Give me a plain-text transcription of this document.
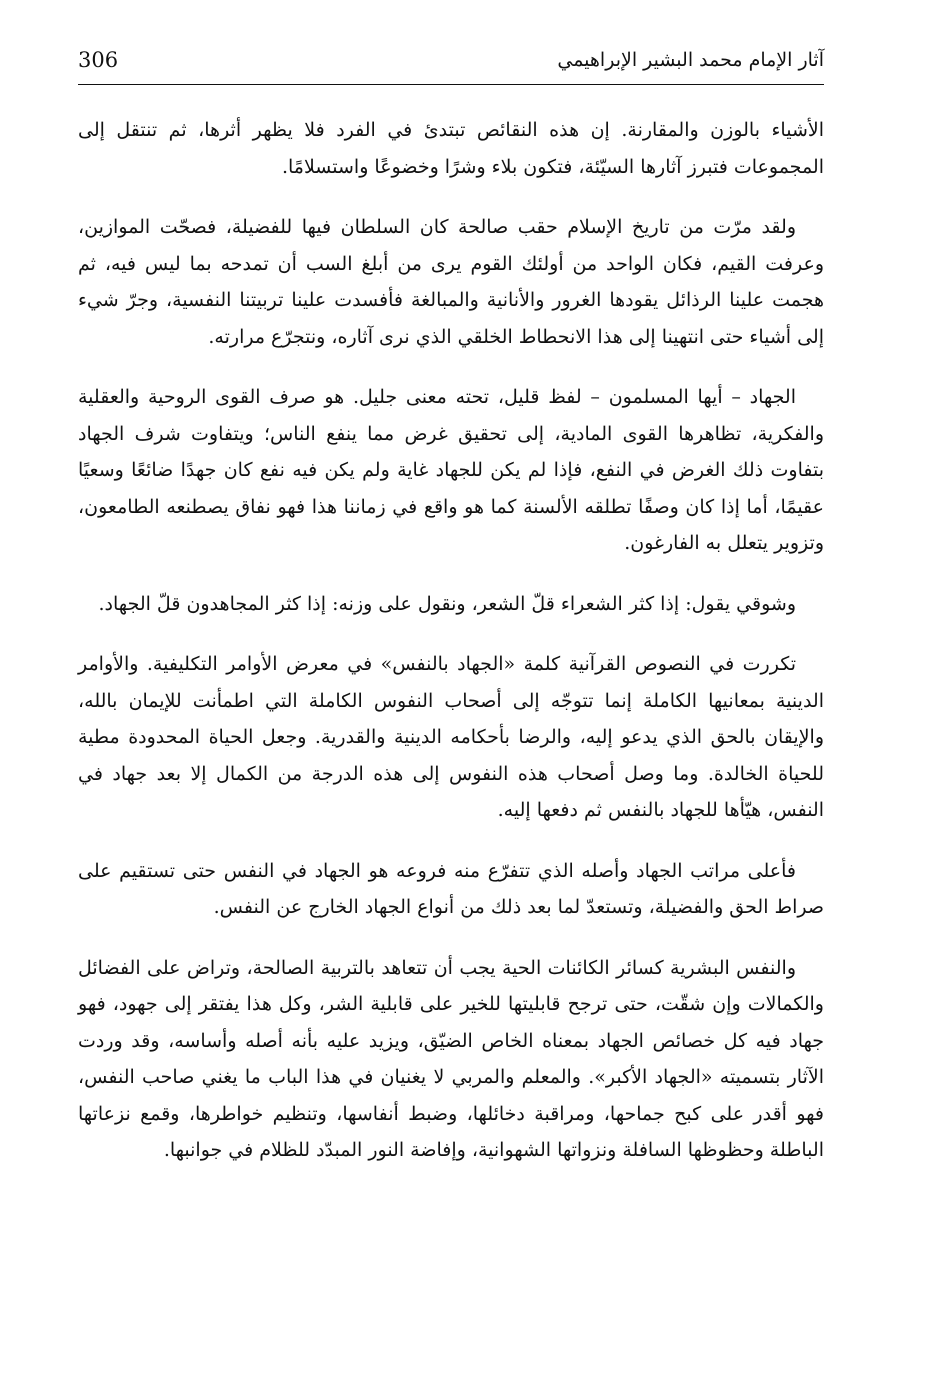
306	آثار الإمام محمد البشير الإبراهيمي

الأشياء بالوزن والمقارنة. إن هذه النقائص تبتدئ في الفرد فلا يظهر أثرها، ثم تنتقل إلى المجموعات فتبرز آثارها السيّئة، فتكون بلاء وشرًا وخضوعًا واستسلامًا.

ولقد مرّت من تاريخ الإسلام حقب صالحة كان السلطان فيها للفضيلة، فصحّت الموازين، وعرفت القيم، فكان الواحد من أولئك القوم يرى من أبلغ السب أن تمدحه بما ليس فيه، ثم هجمت علينا الرذائل يقودها الغرور والأنانية والمبالغة فأفسدت علينا تربيتنا النفسية، وجرّ شيء إلى أشياء حتى انتهينا إلى هذا الانحطاط الخلقي الذي نرى آثاره، ونتجرّع مرارته.

الجهاد – أيها المسلمون – لفظ قليل، تحته معنى جليل. هو صرف القوى الروحية والعقلية والفكرية، تظاهرها القوى المادية، إلى تحقيق غرض مما ينفع الناس؛ ويتفاوت شرف الجهاد بتفاوت ذلك الغرض في النفع، فإذا لم يكن للجهاد غاية ولم يكن فيه نفع كان جهدًا ضائعًا وسعيًا عقيمًا، أما إذا كان وصفًا تطلقه الألسنة كما هو واقع في زماننا هذا فهو نفاق يصطنعه الطامعون، وتزوير يتعلل به الفارغون.

وشوقي يقول: إذا كثر الشعراء قلّ الشعر، ونقول على وزنه: إذا كثر المجاهدون قلّ الجهاد.

تكررت في النصوص القرآنية كلمة «الجهاد بالنفس» في معرض الأوامر التكليفية. والأوامر الدينية بمعانيها الكاملة إنما تتوجّه إلى أصحاب النفوس الكاملة التي اطمأنت للإيمان بالله، والإيقان بالحق الذي يدعو إليه، والرضا بأحكامه الدينية والقدرية. وجعل الحياة المحدودة مطية للحياة الخالدة. وما وصل أصحاب هذه النفوس إلى هذه الدرجة من الكمال إلا بعد جهاد في النفس، هيّأها للجهاد بالنفس ثم دفعها إليه.

فأعلى مراتب الجهاد وأصله الذي تتفرّع منه فروعه هو الجهاد في النفس حتى تستقيم على صراط الحق والفضيلة، وتستعدّ لما بعد ذلك من أنواع الجهاد الخارج عن النفس.

والنفس البشرية كسائر الكائنات الحية يجب أن تتعاهد بالتربية الصالحة، وتراض على الفضائل والكمالات وإن شقّت، حتى ترجح قابليتها للخير على قابلية الشر، وكل هذا يفتقر إلى جهود، فهو جهاد فيه كل خصائص الجهاد بمعناه الخاص الضيّق، ويزيد عليه بأنه أصله وأساسه، وقد وردت الآثار بتسميته «الجهاد الأكبر». والمعلم والمربي لا يغنيان في هذا الباب ما يغني صاحب النفس، فهو أقدر على كبح جماحها، ومراقبة دخائلها، وضبط أنفاسها، وتنظيم خواطرها، وقمع نزعاتها الباطلة وحظوظها السافلة ونزواتها الشهوانية، وإفاضة النور المبدّد للظلام في جوانبها.
